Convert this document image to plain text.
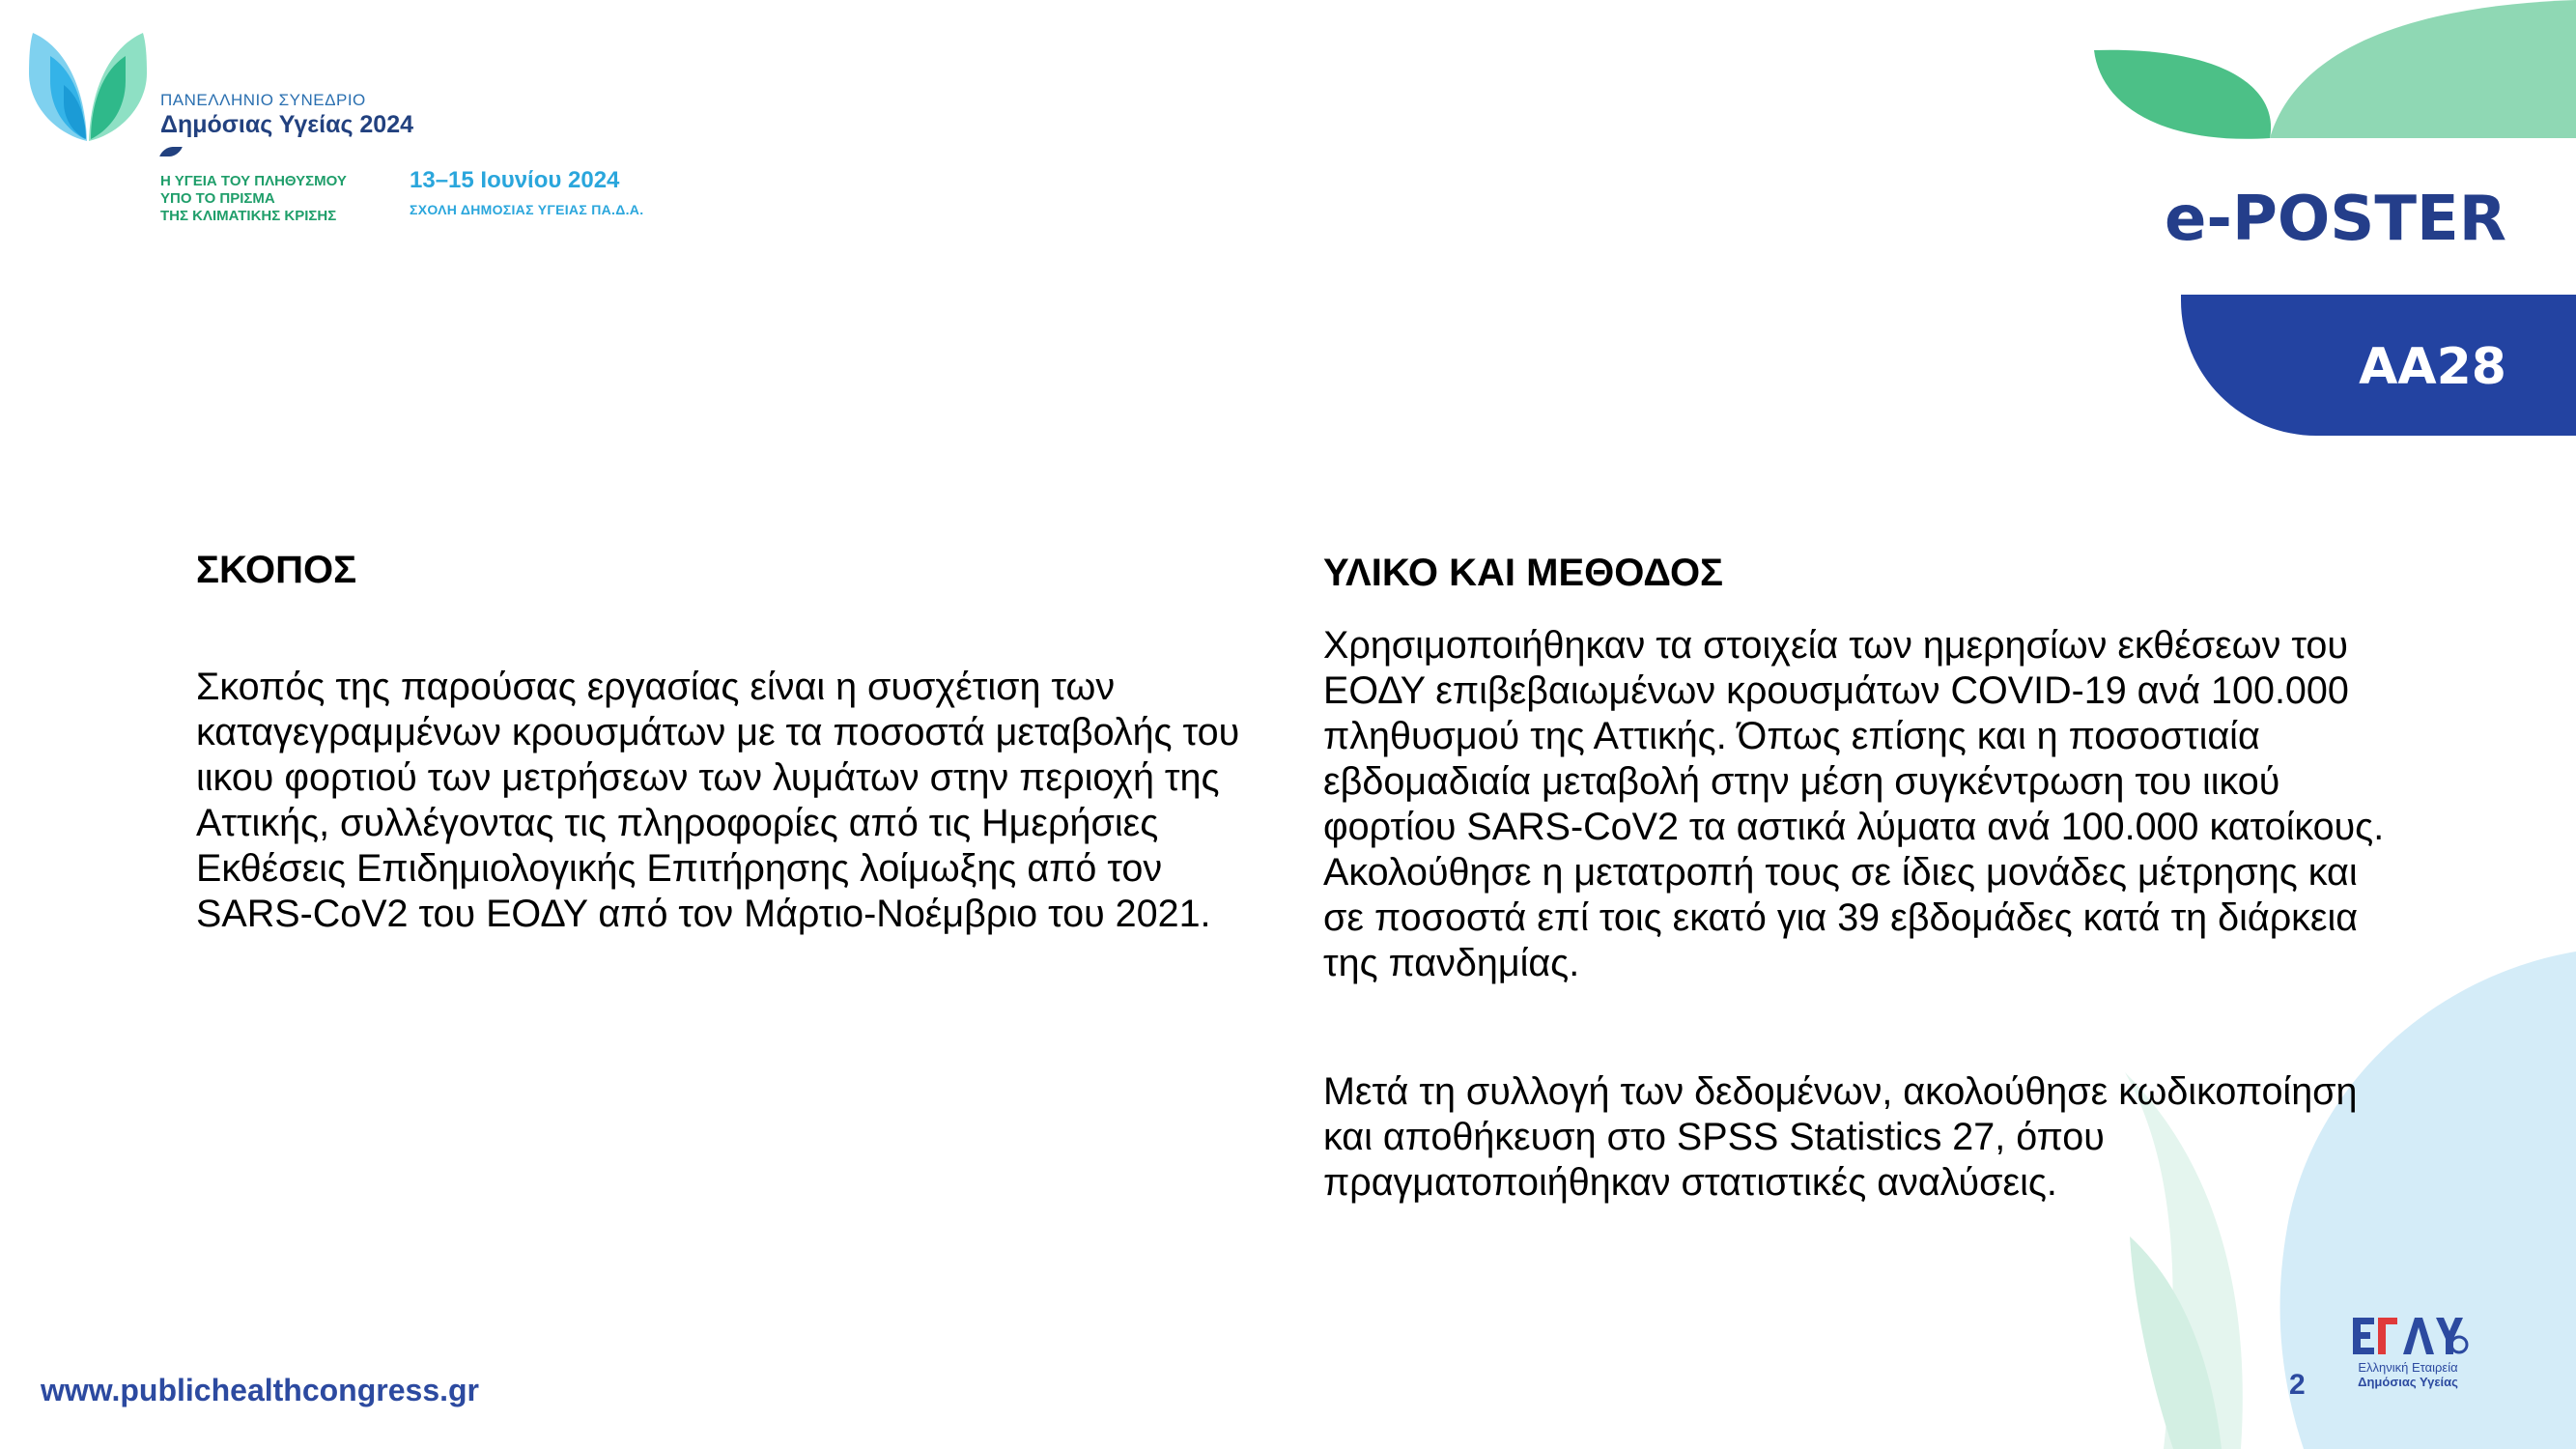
ΠΑΝΕΛΛΗΝΙΟ ΣΥΝΕΔΡΙΟ
Δημόσιας Υγείας 2024
Η ΥΓΕΙΑ ΤΟΥ ΠΛΗΘΥΣΜΟΥ
ΥΠΟ ΤΟ ΠΡΙΣΜΑ
ΤΗΣ ΚΛΙΜΑΤΙΚΗΣ ΚΡΙΣΗΣ
13–15 Ιουνίου 2024
ΣΧΟΛΗ ΔΗΜΟΣΙΑΣ ΥΓΕΙΑΣ ΠΑ.Δ.Α.	e-POSTER
AA28
ΣΚΟΠΟΣ

Σκοπός της παρούσας εργασίας είναι η συσχέτιση των καταγεγραμμένων κρουσμάτων με τα ποσοστά μεταβολής του ιικου φορτιού των μετρήσεων των λυμάτων στην περιοχή της Αττικής, συλλέγοντας τις πληροφορίες από τις Ημερήσιες Εκθέσεις Επιδημιολογικής Επιτήρησης λοίμωξης από τον SARS-CoV2 του ΕΟΔΥ από τον Μάρτιο-Νοέμβριο του 2021.

ΥΛΙΚΟ ΚΑΙ ΜΕΘΟΔΟΣ

Χρησιμοποιήθηκαν τα στοιχεία των ημερησίων εκθέσεων του ΕΟΔΥ επιβεβαιωμένων κρουσμάτων COVID-19 ανά 100.000 πληθυσμού της Αττικής. Όπως επίσης και η ποσοστιαία εβδομαδιαία μεταβολή στην μέση συγκέντρωση του ιικού φορτίου SARS-CoV2 τα αστικά λύματα ανά 100.000 κατοίκους. Ακολούθησε η μετατροπή τους σε ίδιες μονάδες μέτρησης και σε ποσοστά επί τοις εκατό για 39 εβδομάδες κατά τη διάρκεια της πανδημίας.

Μετά τη συλλογή των δεδομένων, ακολούθησε κωδικοποίηση και αποθήκευση στο SPSS Statistics 27, όπου πραγματοποιήθηκαν στατιστικές αναλύσεις.

www.publichealthcongress.gr	2
Ελληνική Εταιρεία
Δημόσιας Υγείας
